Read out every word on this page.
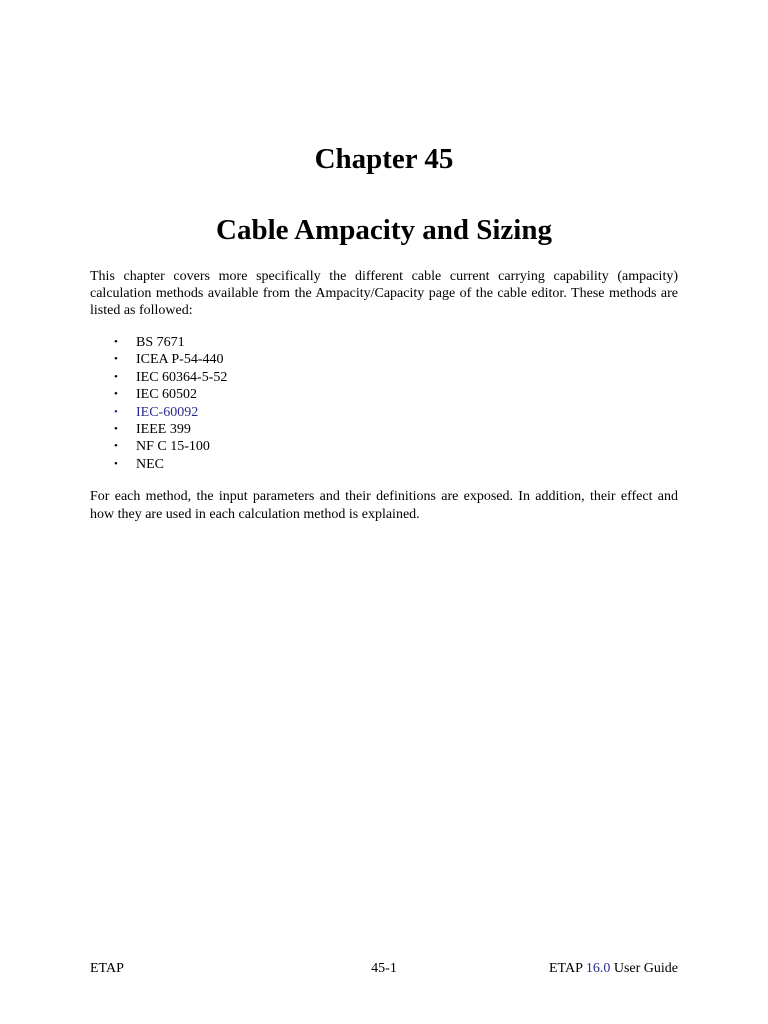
Chapter 45
Cable Ampacity and Sizing

This chapter covers more specifically the different cable current carrying capability (ampacity) calculation methods available from the Ampacity/Capacity page of the cable editor. These methods are listed as followed:

• BS 7671
• ICEA P-54-440
• IEC 60364-5-52
• IEC 60502
• IEC-60092
• IEEE 399
• NF C 15-100
• NEC

For each method, the input parameters and their definitions are exposed. In addition, their effect and how they are used in each calculation method is explained.

ETAP	45-1	ETAP 16.0 User Guide
